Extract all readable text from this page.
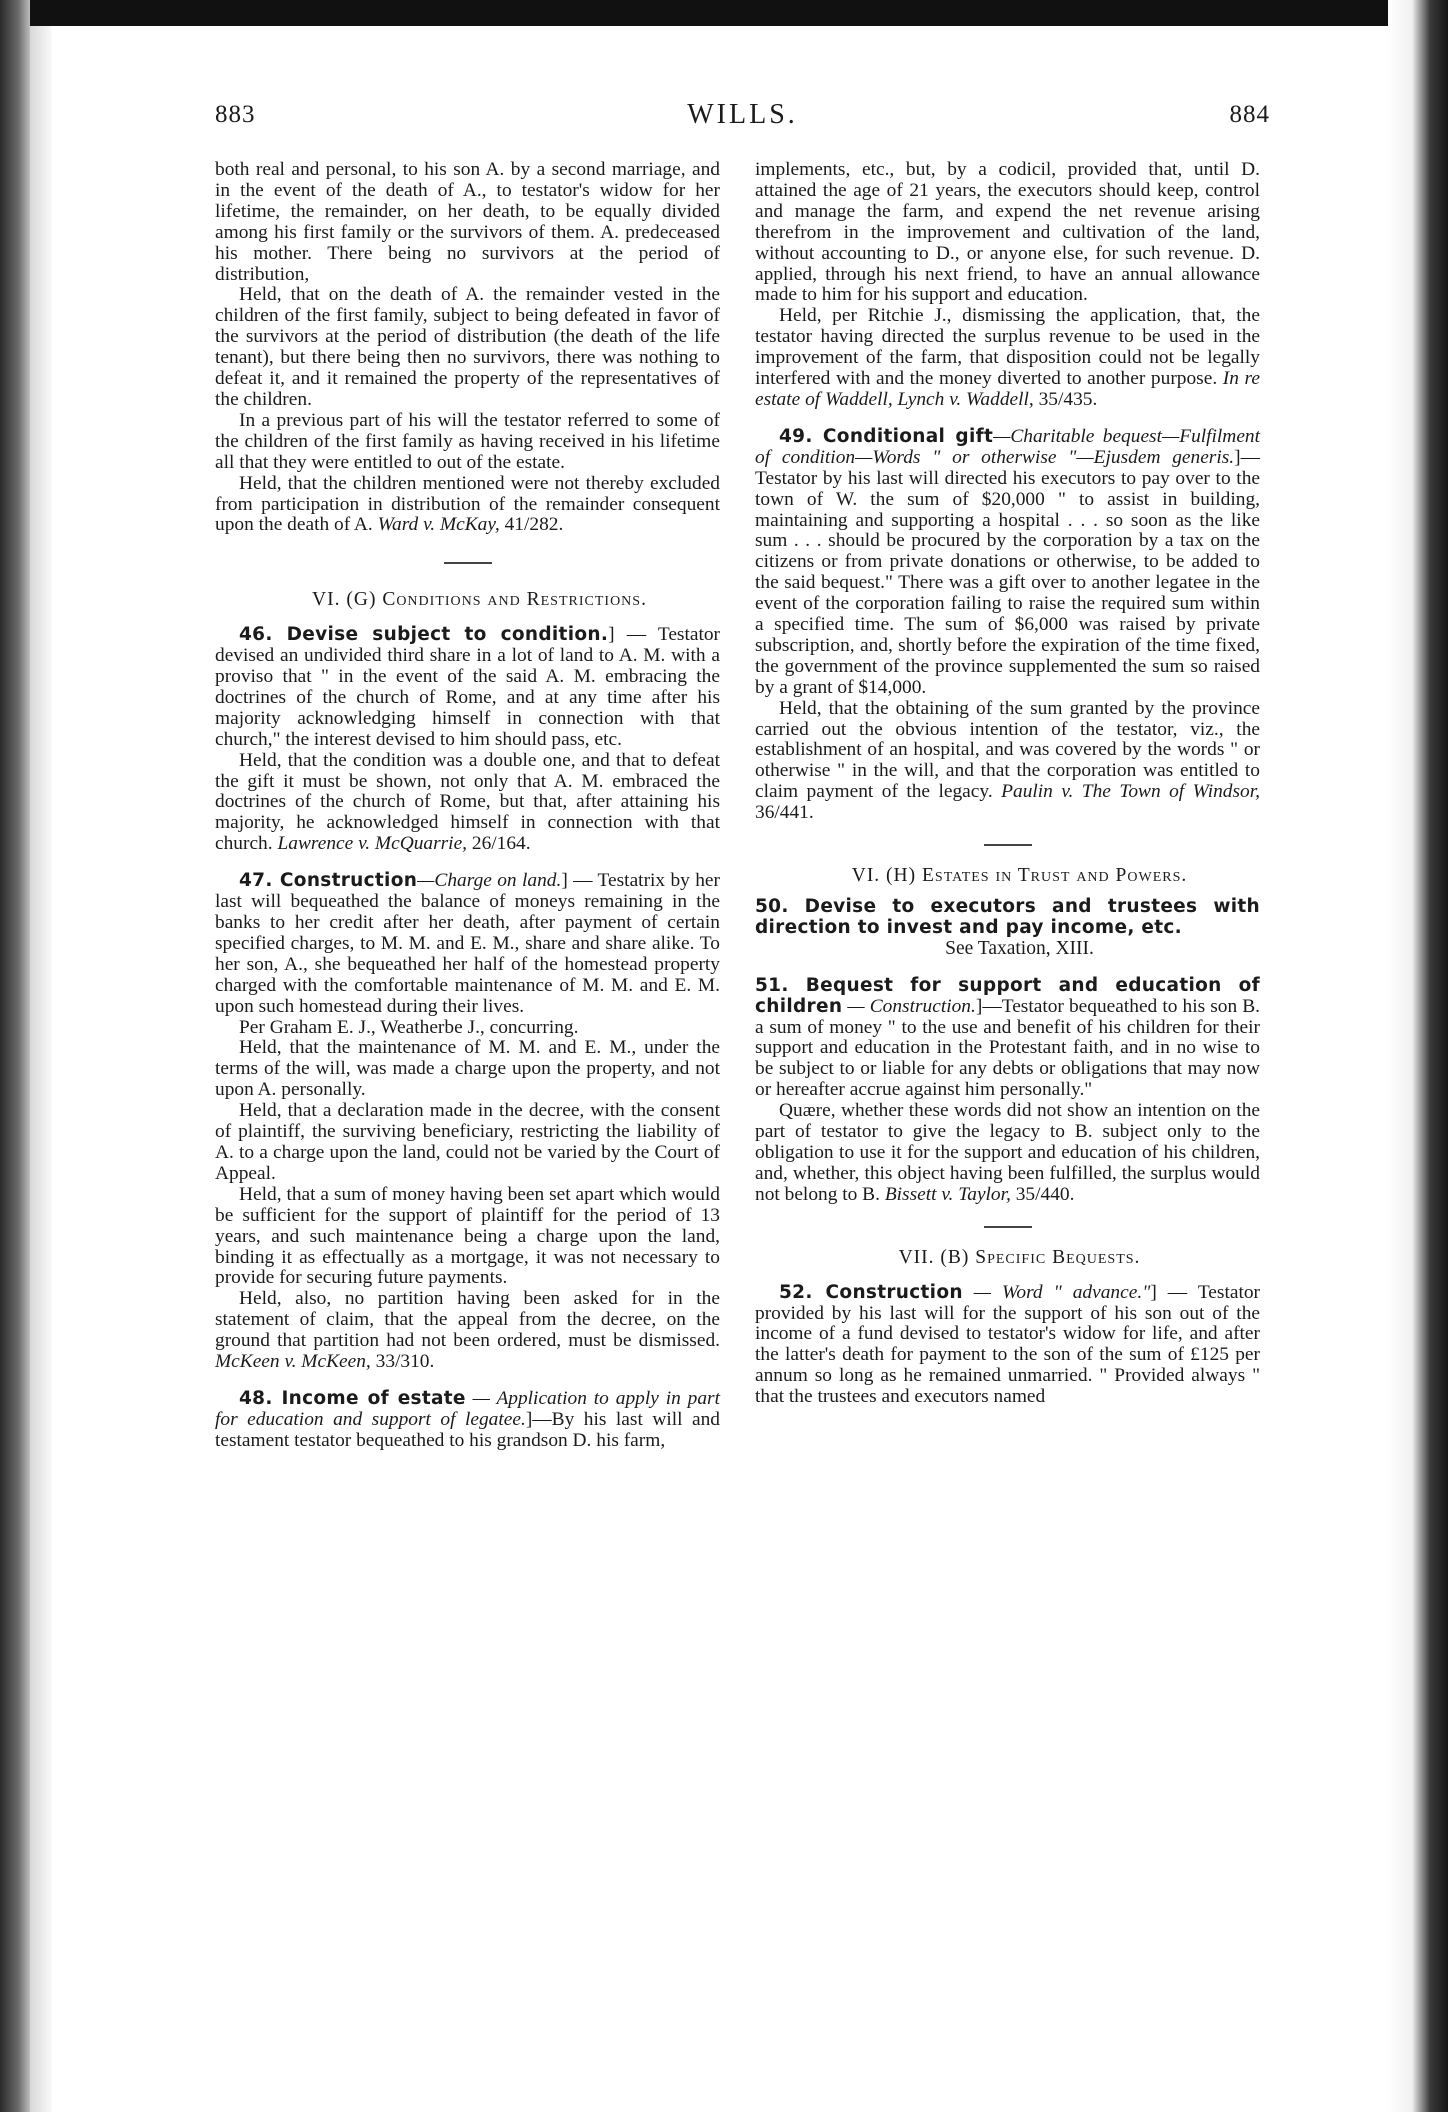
883	WILLS.	884

both real and personal, to his son A. by a second marriage, and in the event of the death of A., to testator's widow for her lifetime, the remainder, on her death, to be equally divided among his first family or the survivors of them. A. predeceased his mother. There being no survivors at the period of distribution,

Held, that on the death of A. the remainder vested in the children of the first family, subject to being defeated in favor of the survivors at the period of distribution (the death of the life tenant), but there being then no survivors, there was nothing to defeat it, and it remained the property of the representatives of the children.

In a previous part of his will the testator referred to some of the children of the first family as having received in his lifetime all that they were entitled to out of the estate.

Held, that the children mentioned were not thereby excluded from participation in distribution of the remainder consequent upon the death of A. Ward v. McKay, 41/282.

VI. (G) Conditions and Restrictions.

46. Devise subject to condition.] — Testator devised an undivided third share in a lot of land to A. M. with a proviso that " in the event of the said A. M. embracing the doctrines of the church of Rome, and at any time after his majority acknowledging himself in connection with that church," the interest devised to him should pass, etc.

Held, that the condition was a double one, and that to defeat the gift it must be shown, not only that A. M. embraced the doctrines of the church of Rome, but that, after attaining his majority, he acknowledged himself in connection with that church. Lawrence v. McQuarrie, 26/164.

47. Construction—Charge on land.] — Testatrix by her last will bequeathed the balance of moneys remaining in the banks to her credit after her death, after payment of certain specified charges, to M. M. and E. M., share and share alike. To her son, A., she bequeathed her half of the homestead property charged with the comfortable maintenance of M. M. and E. M. upon such homestead during their lives.

Per Graham E. J., Weatherbe J., concurring.

Held, that the maintenance of M. M. and E. M., under the terms of the will, was made a charge upon the property, and not upon A. personally.

Held, that a declaration made in the decree, with the consent of plaintiff, the surviving beneficiary, restricting the liability of A. to a charge upon the land, could not be varied by the Court of Appeal.

Held, that a sum of money having been set apart which would be sufficient for the support of plaintiff for the period of 13 years, and such maintenance being a charge upon the land, binding it as effectually as a mortgage, it was not necessary to provide for securing future payments.

Held, also, no partition having been asked for in the statement of claim, that the appeal from the decree, on the ground that partition had not been ordered, must be dismissed. McKeen v. McKeen, 33/310.

48. Income of estate — Application to apply in part for education and support of legatee.]—By his last will and testament testator bequeathed to his grandson D. his farm,

implements, etc., but, by a codicil, provided that, until D. attained the age of 21 years, the executors should keep, control and manage the farm, and expend the net revenue arising therefrom in the improvement and cultivation of the land, without accounting to D., or anyone else, for such revenue. D. applied, through his next friend, to have an annual allowance made to him for his support and education.

Held, per Ritchie J., dismissing the application, that, the testator having directed the surplus revenue to be used in the improvement of the farm, that disposition could not be legally interfered with and the money diverted to another purpose. In re estate of Waddell, Lynch v. Waddell, 35/435.

49. Conditional gift—Charitable bequest—Fulfilment of condition—Words " or otherwise "—Ejusdem generis.]—Testator by his last will directed his executors to pay over to the town of W. the sum of $20,000 " to assist in building, maintaining and supporting a hospital . . . so soon as the like sum . . . should be procured by the corporation by a tax on the citizens or from private donations or otherwise, to be added to the said bequest." There was a gift over to another legatee in the event of the corporation failing to raise the required sum within a specified time. The sum of $6,000 was raised by private subscription, and, shortly before the expiration of the time fixed, the government of the province supplemented the sum so raised by a grant of $14,000.

Held, that the obtaining of the sum granted by the province carried out the obvious intention of the testator, viz., the establishment of an hospital, and was covered by the words " or otherwise " in the will, and that the corporation was entitled to claim payment of the legacy. Paulin v. The Town of Windsor, 36/441.

VI. (H) Estates in Trust and Powers.

50. Devise to executors and trustees with direction to invest and pay income, etc.

See Taxation, XIII.

51. Bequest for support and education of children — Construction.]—Testator bequeathed to his son B. a sum of money " to the use and benefit of his children for their support and education in the Protestant faith, and in no wise to be subject to or liable for any debts or obligations that may now or hereafter accrue against him personally."

Quære, whether these words did not show an intention on the part of testator to give the legacy to B. subject only to the obligation to use it for the support and education of his children, and, whether, this object having been fulfilled, the surplus would not belong to B. Bissett v. Taylor, 35/440.

VII. (B) Specific Bequests.

52. Construction — Word " advance."] — Testator provided by his last will for the support of his son out of the income of a fund devised to testator's widow for life, and after the latter's death for payment to the son of the sum of £125 per annum so long as he remained unmarried. " Provided always " that the trustees and executors named
